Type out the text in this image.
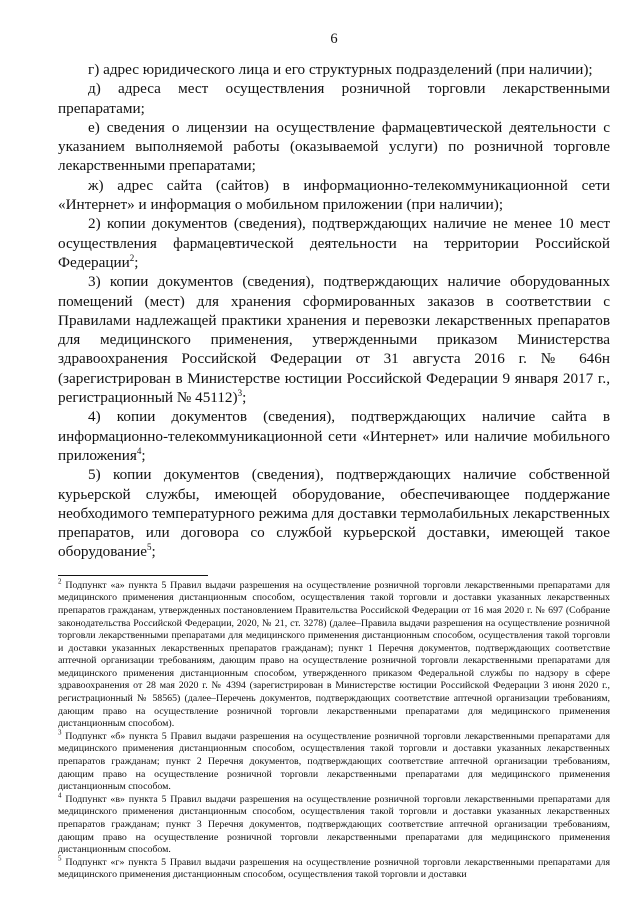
6

г) адрес юридического лица и его структурных подразделений (при наличии);

д) адреса мест осуществления розничной торговли лекарственными препаратами;

е) сведения о лицензии на осуществление фармацевтической деятельности с указанием выполняемой работы (оказываемой услуги) по розничной торговле лекарственными препаратами;

ж) адрес сайта (сайтов) в информационно-телекоммуникационной сети «Интернет» и информация о мобильном приложении (при наличии);

2) копии документов (сведения), подтверждающих наличие не менее 10 мест осуществления фармацевтической деятельности на территории Российской Федерации$^2$;

3) копии документов (сведения), подтверждающих наличие оборудованных помещений (мест) для хранения сформированных заказов в соответствии с Правилами надлежащей практики хранения и перевозки лекарственных препаратов для медицинского применения, утвержденными приказом Министерства здравоохранения Российской Федерации от 31 августа 2016 г. № 646н (зарегистрирован в Министерстве юстиции Российской Федерации 9 января 2017 г., регистрационный № 45112)$^3$;

4) копии документов (сведения), подтверждающих наличие сайта в информационно-телекоммуникационной сети «Интернет» или наличие мобильного приложения$^4$;

5) копии документов (сведения), подтверждающих наличие собственной курьерской службы, имеющей оборудование, обеспечивающее поддержание необходимого температурного режима для доставки термолабильных лекарственных препаратов, или договора со службой курьерской доставки, имеющей такое оборудование$^5$;

$^2$ Подпункт «а» пункта 5 Правил выдачи разрешения на осуществление розничной торговли лекарственными препаратами для медицинского применения дистанционным способом, осуществления такой торговли и доставки указанных лекарственных препаратов гражданам, утвержденных постановлением Правительства Российской Федерации от 16 мая 2020 г. № 697 (Собрание законодательства Российской Федерации, 2020, № 21, ст. 3278) (далее–Правила выдачи разрешения на осуществление розничной торговли лекарственными препаратами для медицинского применения дистанционным способом, осуществления такой торговли и доставки указанных лекарственных препаратов гражданам); пункт 1 Перечня документов, подтверждающих соответствие аптечной организации требованиям, дающим право на осуществление розничной торговли лекарственными препаратами для медицинского применения дистанционным способом, утвержденного приказом Федеральной службы по надзору в сфере здравоохранения от 28 мая 2020 г. № 4394 (зарегистрирован в Министерстве юстиции Российской Федерации 3 июня 2020 г., регистрационный № 58565) (далее–Перечень документов, подтверждающих соответствие аптечной организации требованиям, дающим право на осуществление розничной торговли лекарственными препаратами для медицинского применения дистанционным способом).

$^3$ Подпункт «б» пункта 5 Правил выдачи разрешения на осуществление розничной торговли лекарственными препаратами для медицинского применения дистанционным способом, осуществления такой торговли и доставки указанных лекарственных препаратов гражданам; пункт 2 Перечня документов, подтверждающих соответствие аптечной организации требованиям, дающим право на осуществление розничной торговли лекарственными препаратами для медицинского применения дистанционным способом.

$^4$ Подпункт «в» пункта 5 Правил выдачи разрешения на осуществление розничной торговли лекарственными препаратами для медицинского применения дистанционным способом, осуществления такой торговли и доставки указанных лекарственных препаратов гражданам; пункт 3 Перечня документов, подтверждающих соответствие аптечной организации требованиям, дающим право на осуществление розничной торговли лекарственными препаратами для медицинского применения дистанционным способом.

$^5$ Подпункт «г» пункта 5 Правил выдачи разрешения на осуществление розничной торговли лекарственными препаратами для медицинского применения дистанционным способом, осуществления такой торговли и доставки
